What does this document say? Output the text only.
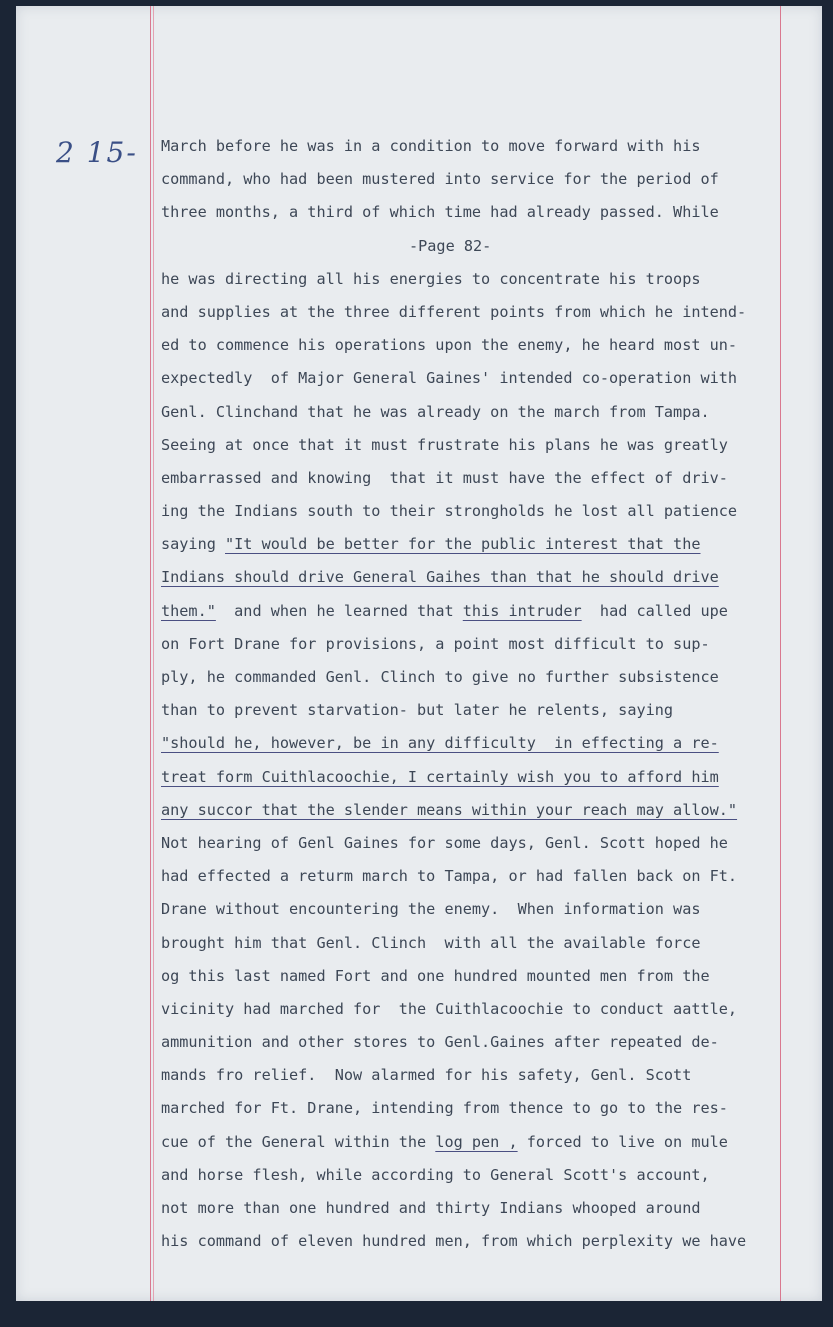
2 15- March before he was in a condition to move forward with his
command, who had been mustered into service for the period of
three months, a third of which time had already passed. While
-Page 82-
he was directing all his energies to concentrate his troops
and supplies at the three different points from which he intend-
ed to commence his operations upon the enemy, he heard most un-
expectedly  of Major General Gaines' intended co-operation with
Genl. Clinchand that he was already on the march from Tampa.
Seeing at once that it must frustrate his plans he was greatly
embarrassed and knowing  that it must have the effect of driv-
ing the Indians south to their strongholds he lost all patience
saying "It would be better for the public interest that the
Indians should drive General Gaihes than that he should drive
them."  and when he learned that this intruder  had called upe
on Fort Drane for provisions, a point most difficult to sup-
ply, he commanded Genl. Clinch to give no further subsistence
than to prevent starvation- but later he relents, saying
"should he, however, be in any difficulty  in effecting a re-
treat form Cuithlacoochie, I certainly wish you to afford him
any succor that the slender means within your reach may allow."
Not hearing of Genl Gaines for some days, Genl. Scott hoped he
had effected a returm march to Tampa, or had fallen back on Ft.
Drane without encountering the enemy.  When information was
brought him that Genl. Clinch  with all the available force
og this last named Fort and one hundred mounted men from the
vicinity had marched for  the Cuithlacoochie to conduct aattle,
ammunition and other stores to Genl.Gaines after repeated de-
mands fro relief.  Now alarmed for his safety, Genl. Scott
marched for Ft. Drane, intending from thence to go to the res-
cue of the General within the log pen , forced to live on mule
and horse flesh, while according to General Scott's account,
not more than one hundred and thirty Indians whooped around
his command of eleven hundred men, from which perplexity we have
